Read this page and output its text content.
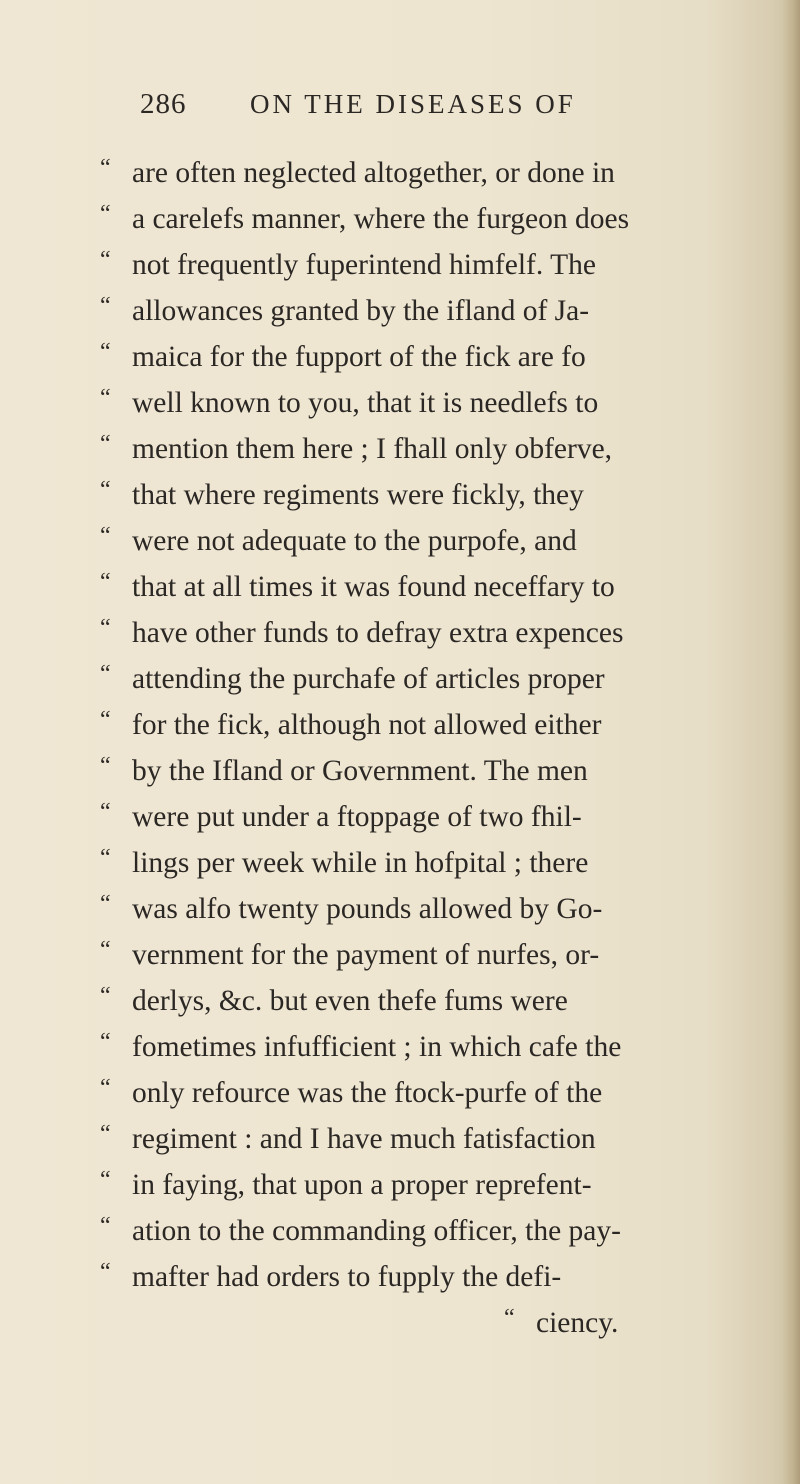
286	ON THE DISEASES OF
“ are often neglected altogether, or done in
“ a carelefs manner, where the furgeon does
“ not frequently fuperintend himfelf. The
“ allowances granted by the ifland of Ja-
“ maica for the fupport of the fick are fo
“ well known to you, that it is needlefs to
“ mention them here ; I fhall only obferve,
“ that where regiments were fickly, they
“ were not adequate to the purpofe, and
“ that at all times it was found neceffary to
“ have other funds to defray extra expences
“ attending the purchafe of articles proper
“ for the fick, although not allowed either
“ by the Ifland or Government. The men
“ were put under a ftoppage of two fhil-
“ lings per week while in hofpital ; there
“ was alfo twenty pounds allowed by Go-
“ vernment for the payment of nurfes, or-
“ derlys, &c. but even thefe fums were
“ fometimes infufficient ; in which cafe the
“ only refource was the ftock-purfe of the
“ regiment : and I have much fatisfaction
“ in faying, that upon a proper reprefent-
“ ation to the commanding officer, the pay-
“ mafter had orders to fupply the defi-
“ ciency.
